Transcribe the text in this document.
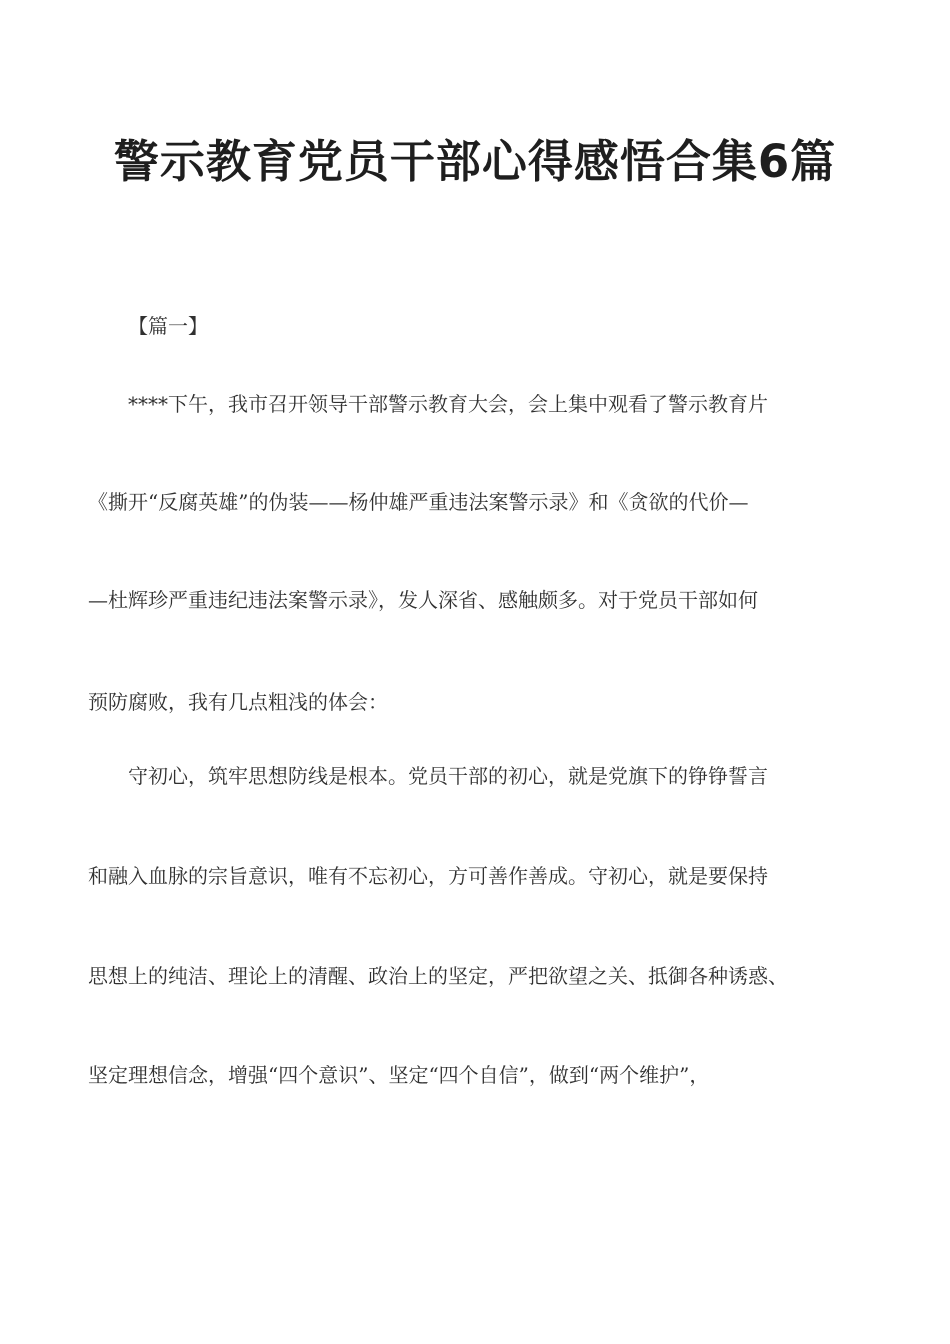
警示教育党员干部心得感悟合集6篇
【篇一】
****下午，我市召开领导干部警示教育大会，会上集中观看了警示教育片
《撕开“反腐英雄”的伪装——杨仲雄严重违法案警示录》和《贪欲的代价—
—杜辉珍严重违纪违法案警示录》，发人深省、感触颇多。对于党员干部如何
预防腐败，我有几点粗浅的体会：
守初心，筑牢思想防线是根本。党员干部的初心，就是党旗下的铮铮誓言
和融入血脉的宗旨意识，唯有不忘初心，方可善作善成。守初心，就是要保持
思想上的纯洁、理论上的清醒、政治上的坚定，严把欲望之关、抵御各种诱惑、
坚定理想信念，增强“四个意识”、坚定“四个自信”，做到“两个维护”，
